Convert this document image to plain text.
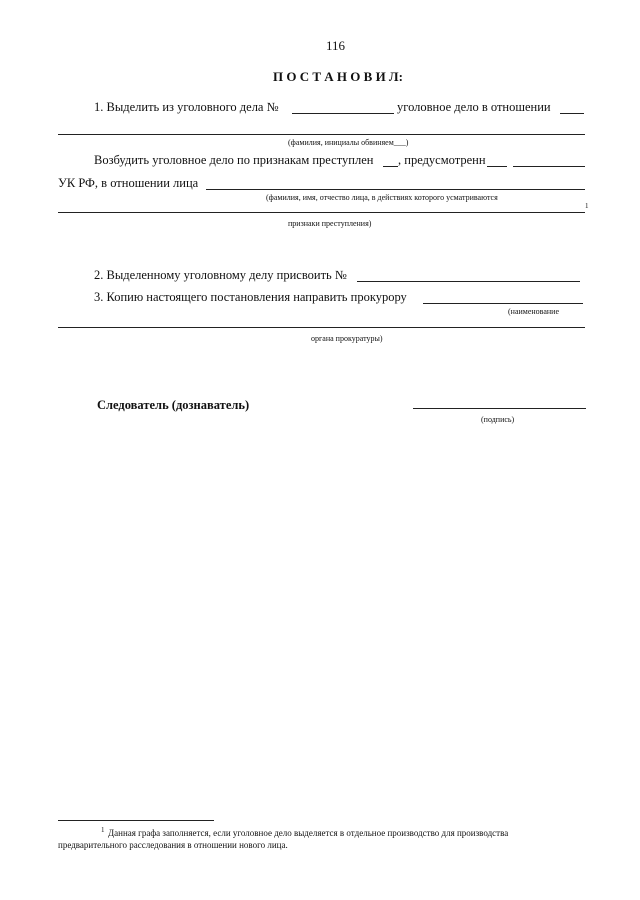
116
П О С Т А Н О В И Л:
1. Выделить из уголовного дела №	уголовное дело в отношении
(фамилия, инициалы обвиняем___)
Возбудить уголовное дело по признакам преступлен , предусмотренн
УК РФ, в отношении лица
(фамилия, имя, отчество лица, в действиях которого усматриваются
1
признаки преступления)
2. Выделенному уголовному делу присвоить №
3. Копию настоящего постановления направить прокурору
(наименование
органа прокуратуры)
Следователь (дознаватель)
(подпись)
1 Данная графа заполняется, если уголовное дело выделяется в отдельное производство для производства
предварительного расследования в отношении нового лица.
